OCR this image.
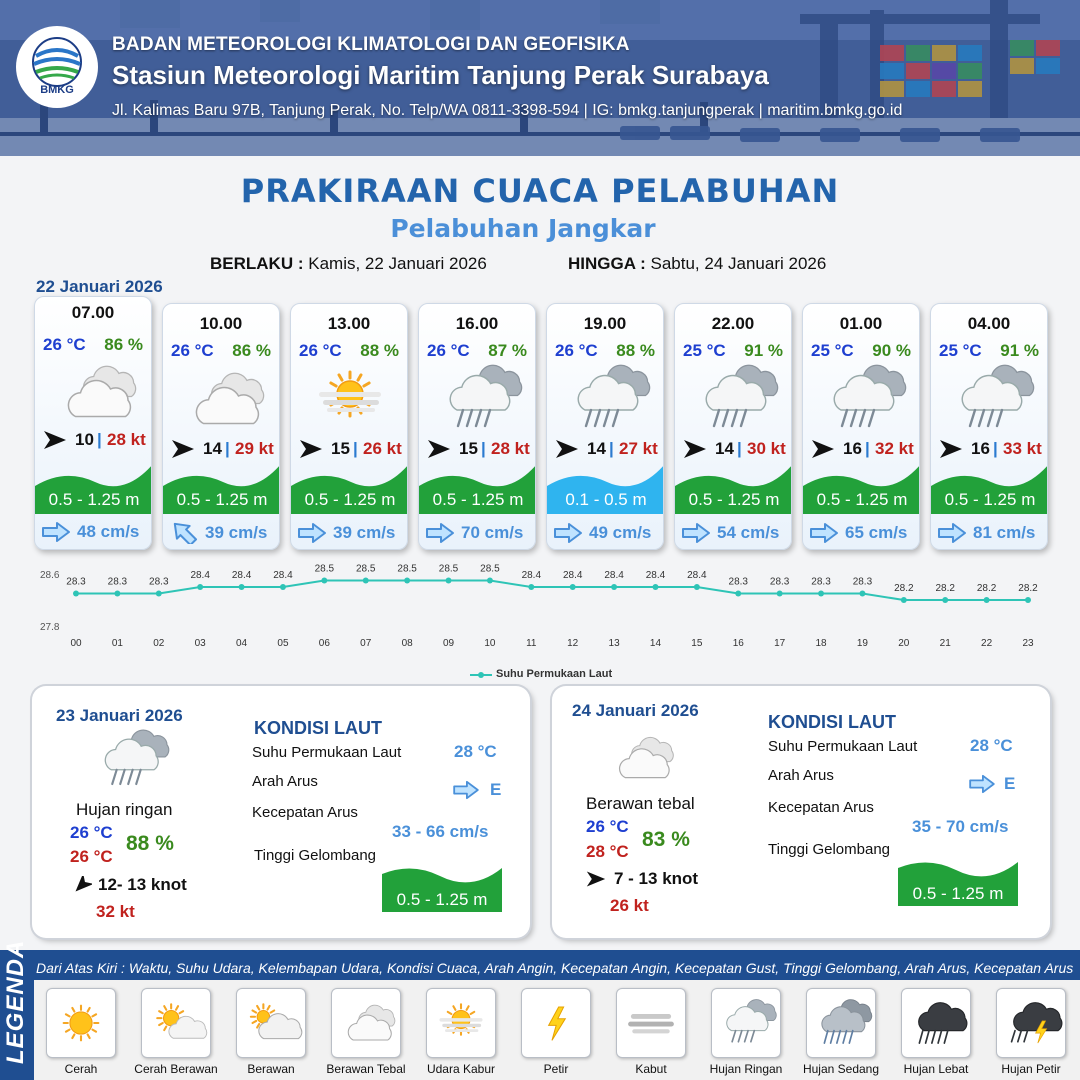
BMKG
BADAN METEOROLOGI KLIMATOLOGI DAN GEOFISIKA
Stasiun Meteorologi Maritim Tanjung Perak Surabaya
Jl. Kalimas Baru 97B, Tanjung Perak, No. Telp/WA 0811-3398-594 | IG: bmkg.tanjungperak | maritim.bmkg.go.id
PRAKIRAAN CUACA PELABUHAN
Pelabuhan Jangkar
BERLAKU : Kamis, 22 Januari 2026	HINGGA : Sabtu, 24 Januari 2026
22 Januari 2026
07.00
26 °C 86 %
10 | 28 kt
0.5 - 1.25 m
48 cm/s
10.00
26 °C 86 %
14 | 29 kt
0.5 - 1.25 m
39 cm/s
13.00
26 °C 88 %
15 | 26 kt
0.5 - 1.25 m
39 cm/s
16.00
26 °C 87 %
15 | 28 kt
0.5 - 1.25 m
70 cm/s
19.00
26 °C 88 %
14 | 27 kt
0.1 - 0.5 m
49 cm/s
22.00
25 °C 91 %
14 | 30 kt
0.5 - 1.25 m
54 cm/s
01.00
25 °C 90 %
16 | 32 kt
0.5 - 1.25 m
65 cm/s
04.00
25 °C 91 %
16 | 33 kt
0.5 - 1.25 m
81 cm/s
28.6
27.8
28.3
00
28.3
01
28.3
02
28.4
03
28.4
04
28.4
05
28.5
06
28.5
07
28.5
08
28.5
09
28.5
10
28.4
11
28.4
12
28.4
13
28.4
14
28.4
15
28.3
16
28.3
17
28.3
18
28.3
19
28.2
20
28.2
21
28.2
22
28.2
23
Suhu Permukaan Laut
23 Januari 2026
Hujan ringan
26 °C
26 °C
88 %
12- 13 knot
32 kt
KONDISI LAUT
Suhu Permukaan Laut	28 °C
Arah Arus	E
Kecepatan Arus
33 - 66 cm/s
Tinggi Gelombang
0.5 - 1.25 m
24 Januari 2026
Berawan tebal
26 °C
28 °C
83 %
7 - 13 knot
26 kt
KONDISI LAUT
Suhu Permukaan Laut	28 °C
Arah Arus	E
Kecepatan Arus
35 - 70 cm/s
Tinggi Gelombang
0.5 - 1.25 m
LEGENDA Dari Atas Kiri : Waktu, Suhu Udara, Kelembapan Udara, Kondisi Cuaca, Arah Angin, Kecepatan Angin, Kecepatan Gust, Tinggi Gelombang, Arah Arus, Kecepatan Arus
Cerah	Cerah Berawan	Berawan	Berawan Tebal	Udara Kabur	Petir	Kabut	Hujan Ringan	Hujan Sedang	Hujan Lebat	Hujan Petir
